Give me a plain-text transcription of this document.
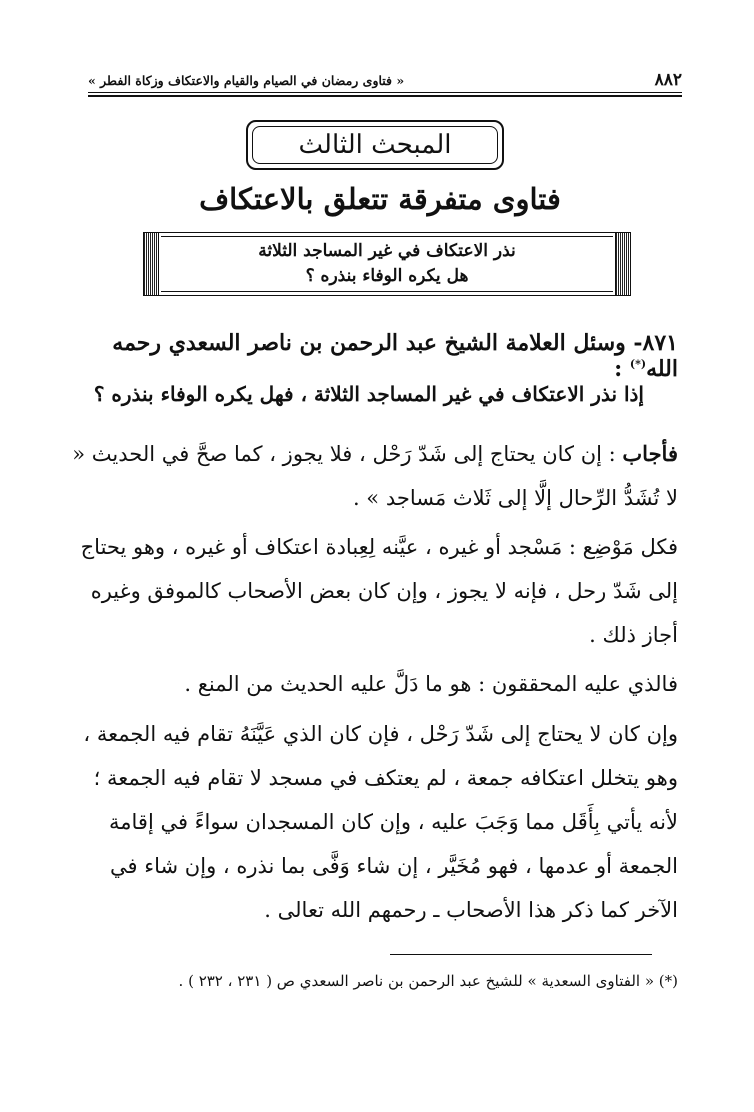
٨٨٢
« فتاوى رمضان في الصيام والقيام والاعتكاف وزكاة الفطر »
المبحث الثالث
فتاوى متفرقة تتعلق بالاعتكاف
نذر الاعتكاف في غير المساجد الثلاثة
هل يكره الوفاء بنذره ؟
٨٧١- وسئل العلامة الشيخ عبد الرحمن بن ناصر السعدي رحمه الله(*) :
إذا نذر الاعتكاف في غير المساجد الثلاثة ، فهل يكره الوفاء بنذره ؟
فأجاب : إن كان يحتاج إلى شَدّ رَحْل ، فلا يجوز ، كما صحَّ في الحديث « لا تُشَدُّ الرِّحال إلَّا إلى ثَلاث مَساجد » .
فكل مَوْضِع : مَسْجد أو غيره ، عيَّنه لِعِبادة اعتكاف أو غيره ، وهو يحتاج إلى شَدّ رحل ، فإنه لا يجوز ، وإن كان بعض الأصحاب كالموفق وغيره أجاز ذلك .
فالذي عليه المحققون : هو ما دَلَّ عليه الحديث من المنع .
وإن كان لا يحتاج إلى شَدّ رَحْل ، فإن كان الذي عَيَّنَهُ تقام فيه الجمعة ، وهو يتخلل اعتكافه جمعة ، لم يعتكف في مسجد لا تقام فيه الجمعة ؛ لأنه يأتي بِأَقَل مما وَجَبَ عليه ، وإن كان المسجدان سواءً في إقامة الجمعة أو عدمها ، فهو مُخَيَّر ، إن شاء وَفَّى بما نذره ، وإن شاء في الآخر كما ذكر هذا الأصحاب ـ رحمهم الله تعالى .
(*) « الفتاوى السعدية » للشيخ عبد الرحمن بن ناصر السعدي ص ( ٢٣١ ، ٢٣٢ ) .
